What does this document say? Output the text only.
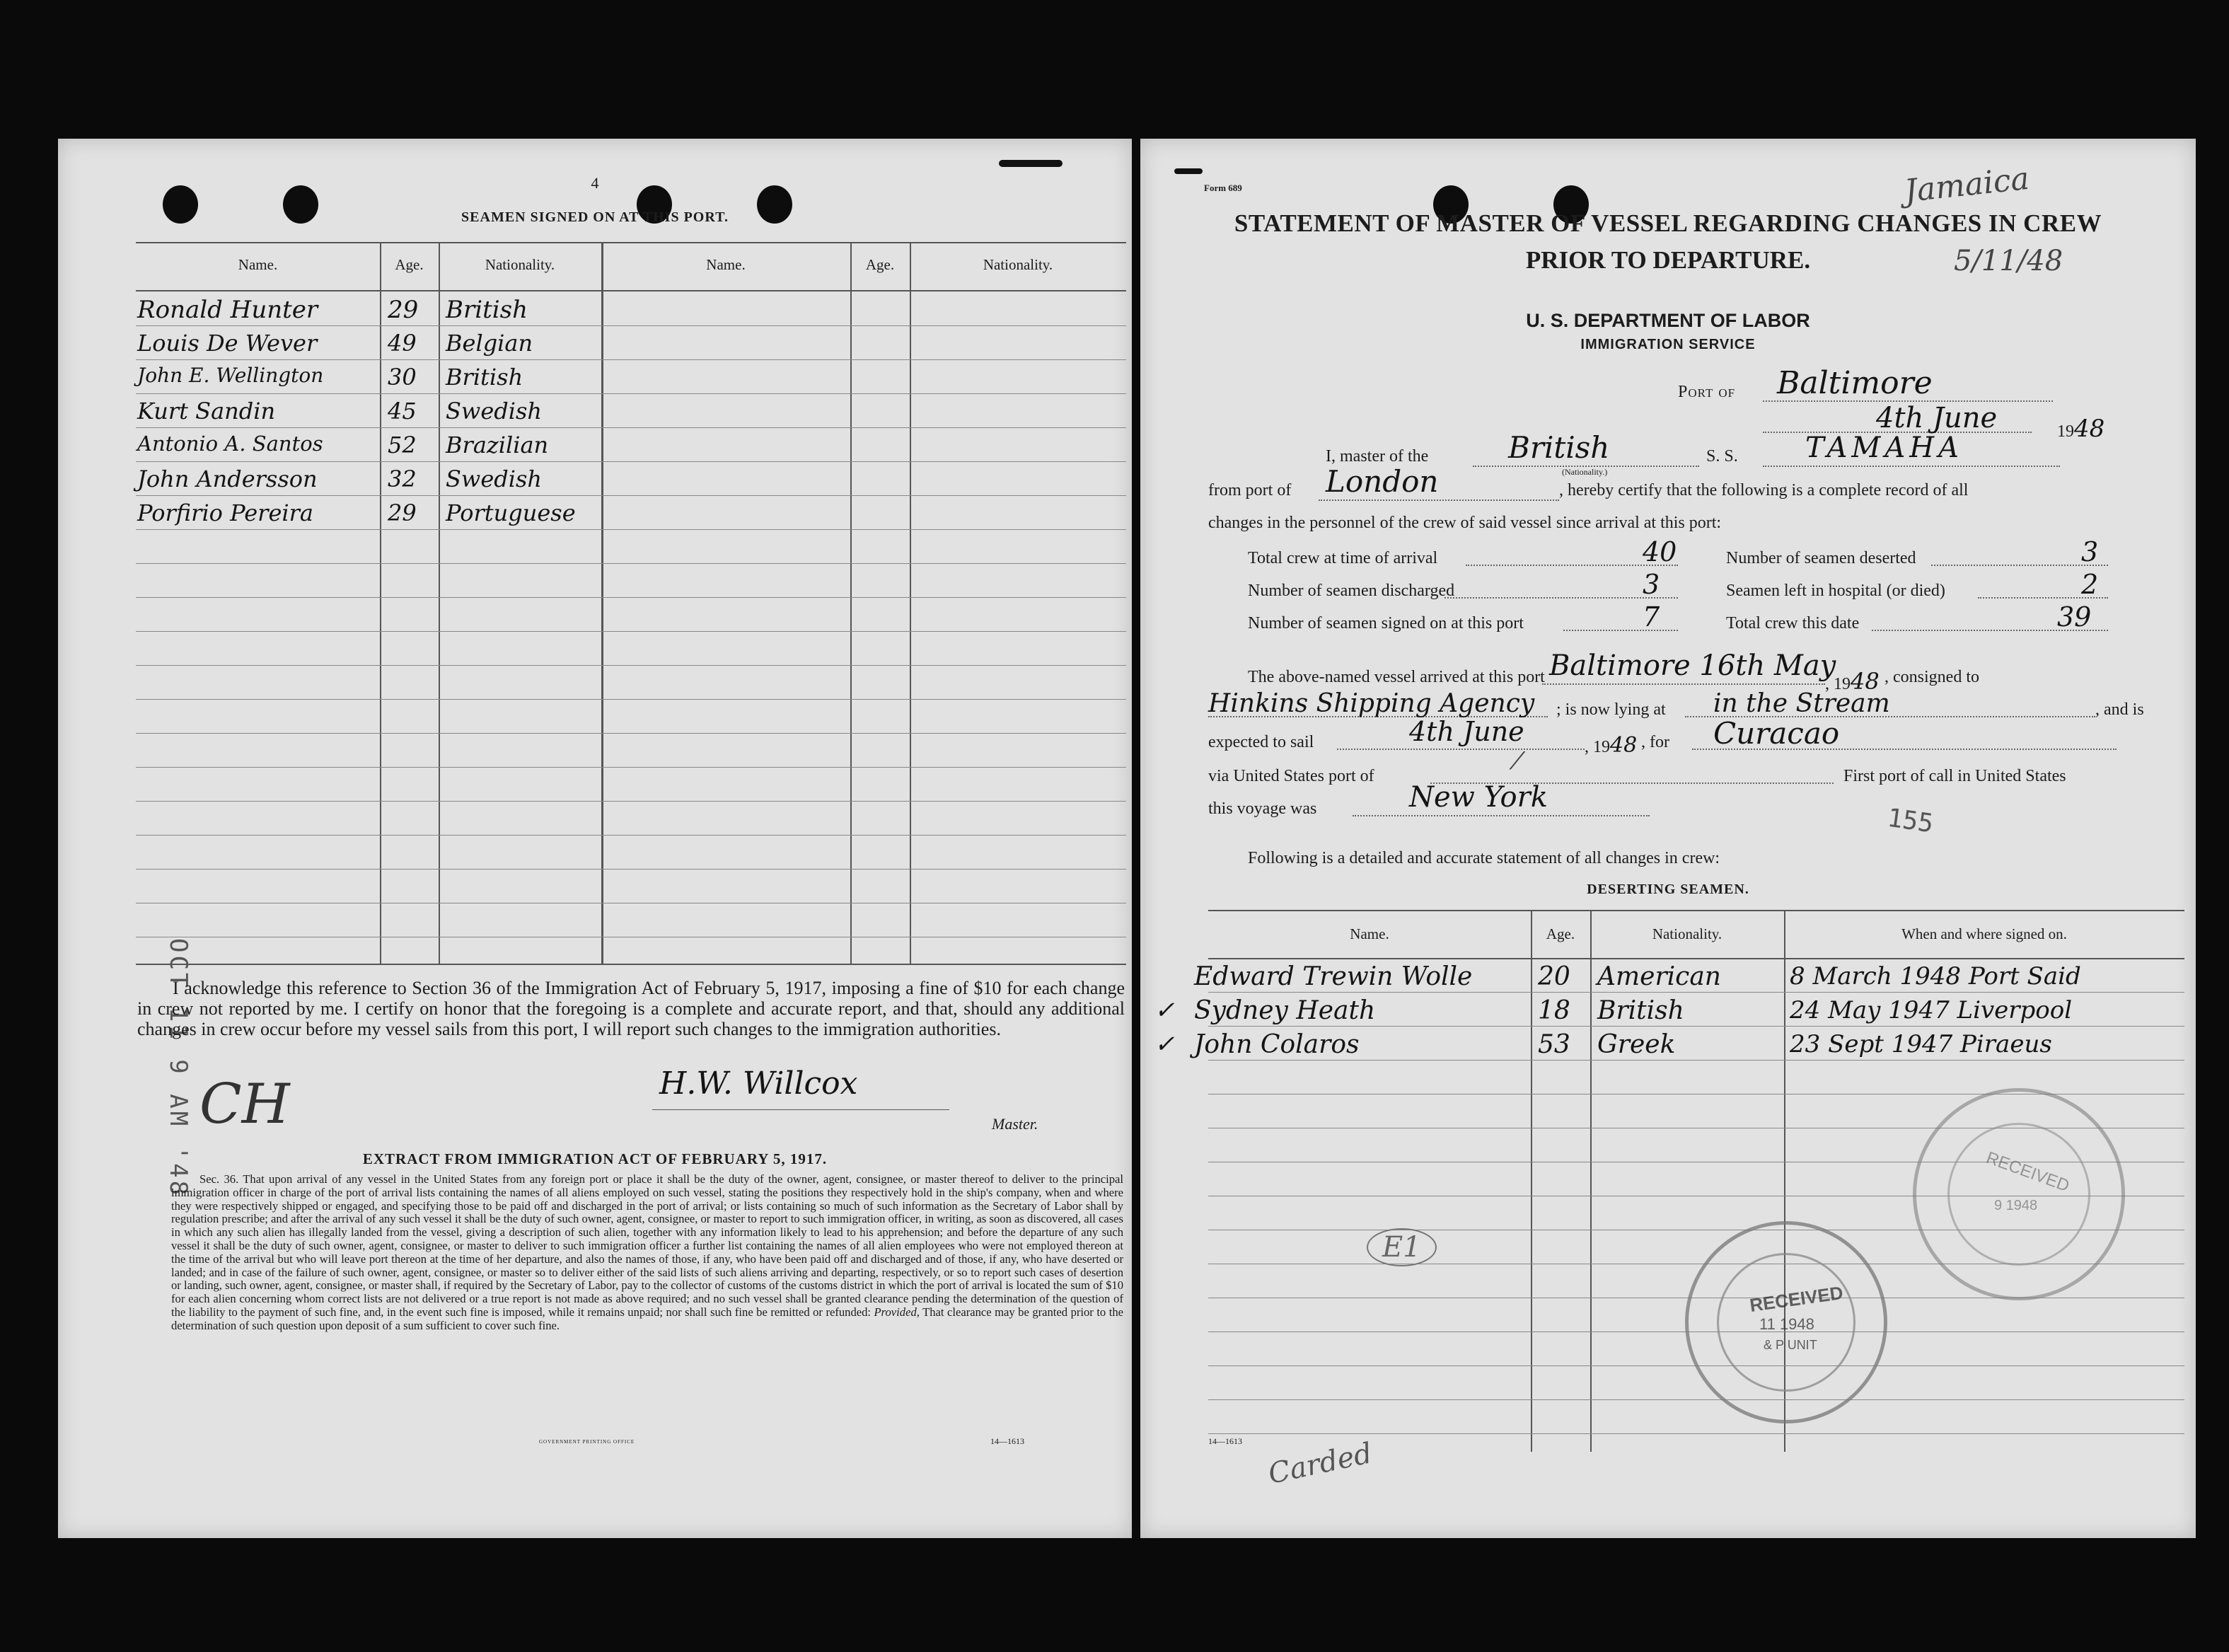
4
SEAMEN SIGNED ON AT THIS PORT.
Name.	Age.	Nationality.	Name.	Age.	Nationality.
Ronald Hunter	29 British
Louis De Wever	49 Belgian
John E. Wellington	30 British
Kurt Sandin	45 Swedish
Antonio A. Santos	52 Brazilian
John Andersson	32 Swedish
Porfirio Pereira	29 Portuguese
OCT 11 9 AM '48
I acknowledge this reference to Section 36 of the Immigration Act of February 5, 1917, imposing a fine of $10 for each change in crew not reported by me. I certify on honor that the foregoing is a complete and accurate report, and that, should any additional changes in crew occur before my vessel sails from this port, I will report such changes to the immigration authorities.
CH	H.W. Willcox
Master.
EXTRACT FROM IMMIGRATION ACT OF FEBRUARY 5, 1917.
Sec. 36. That upon arrival of any vessel in the United States from any foreign port or place it shall be the duty of the owner, agent, consignee, or master thereof to deliver to the principal immigration officer in charge of the port of arrival lists containing the names of all aliens employed on such vessel, stating the positions they respectively hold in the ship's company, when and where they were respectively shipped or engaged, and specifying those to be paid off and discharged in the port of arrival; or lists containing so much of such information as the Secretary of Labor shall by regulation prescribe; and after the arrival of any such vessel it shall be the duty of such owner, agent, consignee, or master to report to such immigration officer, in writing, as soon as discovered, all cases in which any such alien has illegally landed from the vessel, giving a description of such alien, together with any information likely to lead to his apprehension; and before the departure of any such vessel it shall be the duty of such owner, agent, consignee, or master to deliver to such immigration officer a further list containing the names of all alien employees who were not employed thereon at the time of the arrival but who will leave port thereon at the time of her departure, and also the names of those, if any, who have been paid off and discharged and of those, if any, who have deserted or landed; and in case of the failure of such owner, agent, consignee, or master so to deliver either of the said lists of such aliens arriving and departing, respectively, or so to report such cases of desertion or landing, such owner, agent, consignee, or master shall, if required by the Secretary of Labor, pay to the collector of customs of the customs district in which the port of arrival is located the sum of $10 for each alien concerning whom correct lists are not delivered or a true report is not made as above required; and no such vessel shall be granted clearance pending the determination of the question of the liability to the payment of such fine, and, in the event such fine is imposed, while it remains unpaid; nor shall such fine be remitted or refunded: Provided, That clearance may be granted prior to the determination of such question upon deposit of a sum sufficient to cover such fine.
GOVERNMENT PRINTING OFFICE	14—1613
Form 689	Jamaica
5/11/48
STATEMENT OF MASTER OF VESSEL REGARDING CHANGES IN CREW
PRIOR TO DEPARTURE.
U. S. DEPARTMENT OF LABOR
IMMIGRATION SERVICE
Port of Baltimore
4th June	1948
I, master of the	British
(Nationality.)
S. S. TAMAHA
from port of London	, hereby certify that the following is a complete record of all
changes in the personnel of the crew of said vessel since arrival at this port:
Total crew at time of arrival	40	Number of seamen deserted	3
Number of seamen discharged	3	Seamen left in hospital (or died)	2
Number of seamen signed on at this port	7	Total crew this date	39
The above-named vessel arrived at this port Baltimore 16th May
, 1948 , consigned to
Hinkins Shipping Agency ; is now lying at in the Stream	, and is
expected to sail	4th June	, 1948 , for Curacao
via United States port of
⁄
First port of call in United States
this voyage was	New York
155
Following is a detailed and accurate statement of all changes in crew:
DESERTING SEAMEN.
Name.	Age.	Nationality.	When and where signed on.
Edward Trewin Wolle	20 American	8 March 1948 Port Said
✓ Sydney Heath	18 British	24 May 1947 Liverpool
✓ John Colaros	53 Greek	23 Sept 1947 Piraeus
E1
RECEIVED
11 1948
& P UNIT
RECEIVED
9 1948
14—1613 Carded
